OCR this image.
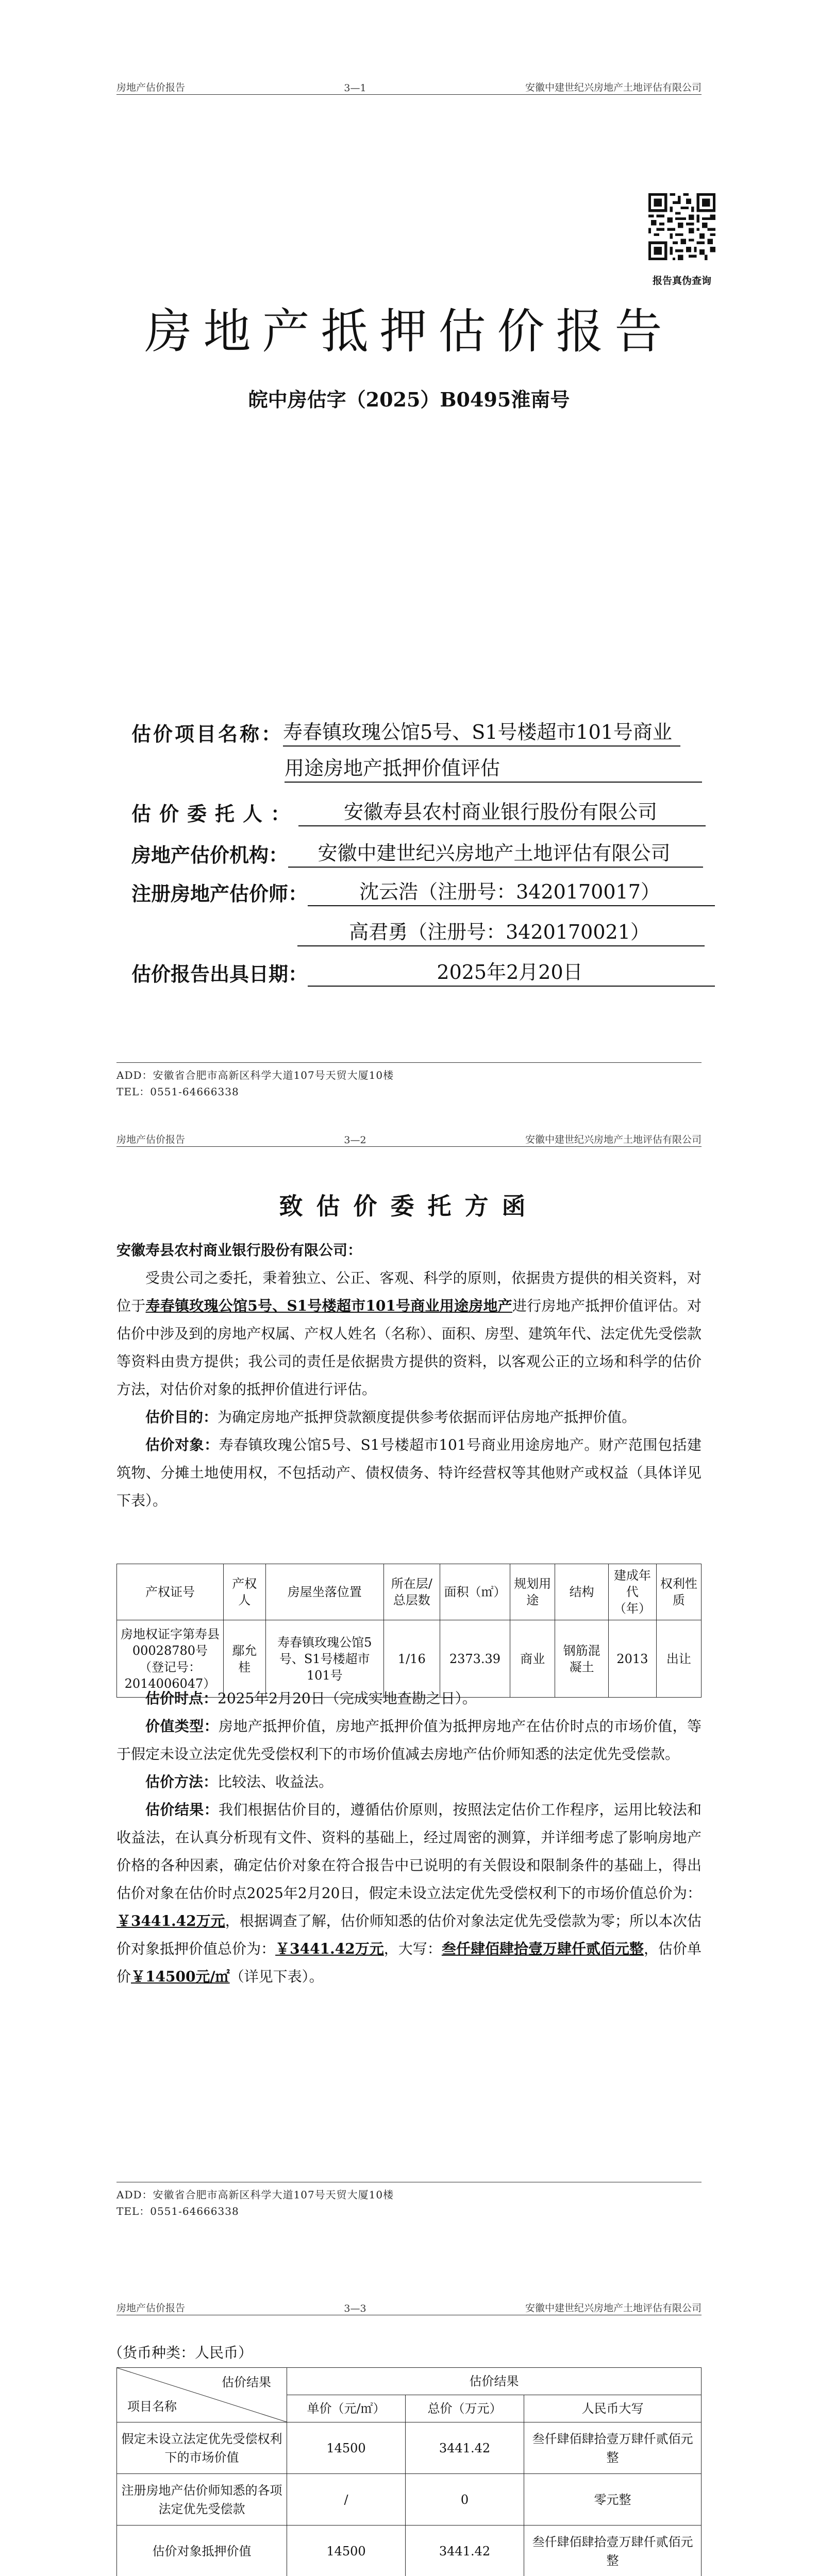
房地产估价报告	3—1	安徽中建世纪兴房地产土地评估有限公司
报告真伪查询
房地产抵押估价报告
皖中房估字（2025）B0495淮南号
估价项目名称： 寿春镇玫瑰公馆5号、S1号楼超市101号商业
用途房地产抵押价值评估
估价委托人：	安徽寿县农村商业银行股份有限公司
房地产估价机构：	安徽中建世纪兴房地产土地评估有限公司
注册房地产估价师：	沈云浩（注册号：3420170017）
高君勇（注册号：3420170021）
估价报告出具日期：	2025年2月20日
ADD：安徽省合肥市高新区科学大道107号天贸大厦10楼
TEL：0551-64666338
房地产估价报告	3—2	安徽中建世纪兴房地产土地评估有限公司
致估价委托方函
安徽寿县农村商业银行股份有限公司：

受贵公司之委托，秉着独立、公正、客观、科学的原则，依据贵方提供的相关资料，对位于寿春镇玫瑰公馆5号、S1号楼超市101号商业用途房地产进行房地产抵押价值评估。对估价中涉及到的房地产权属、产权人姓名（名称）、面积、房型、建筑年代、法定优先受偿款等资料由贵方提供；我公司的责任是依据贵方提供的资料，以客观公正的立场和科学的估价方法，对估价对象的抵押价值进行评估。

估价目的：为确定房地产抵押贷款额度提供参考依据而评估房地产抵押价值。

估价对象：寿春镇玫瑰公馆5号、S1号楼超市101号商业用途房地产。财产范围包括建筑物、分摊土地使用权，不包括动产、债权债务、特许经营权等其他财产或权益（具体详见下表）。

产权证号	产权人	房屋坐落位置	所在层/总层数	面积（㎡）	规划用途	结构	建成年代（年）	权利性质
房地权证字第寿县00028780号（登记号：2014006047）	鄢允桂	寿春镇玫瑰公馆5号、S1号楼超市101号	1/16	2373.39	商业	钢筋混凝土	2013	出让

估价时点：2025年2月20日（完成实地查勘之日）。

价值类型：房地产抵押价值，房地产抵押价值为抵押房地产在估价时点的市场价值，等于假定未设立法定优先受偿权利下的市场价值减去房地产估价师知悉的法定优先受偿款。

估价方法：比较法、收益法。

估价结果：我们根据估价目的，遵循估价原则，按照法定估价工作程序，运用比较法和收益法，在认真分析现有文件、资料的基础上，经过周密的测算，并详细考虑了影响房地产价格的各种因素，确定估价对象在符合报告中已说明的有关假设和限制条件的基础上，得出估价对象在估价时点2025年2月20日，假定未设立法定优先受偿权利下的市场价值总价为：￥3441.42万元，根据调查了解，估价师知悉的估价对象法定优先受偿款为零；所以本次估价对象抵押价值总价为：￥3441.42万元，大写：叁仟肆佰肆拾壹万肆仟贰佰元整，估价单价￥14500元/㎡（详见下表）。

ADD：安徽省合肥市高新区科学大道107号天贸大厦10楼
TEL：0551-64666338
房地产估价报告	3—3	安徽中建世纪兴房地产土地评估有限公司
（货币种类：人民币）
估价结果
项目名称	估价结果		
	单价（元/㎡）	总价（万元）	人民币大写
假定未设立法定优先受偿权利下的市场价值	14500	3441.42	叁仟肆佰肆拾壹万肆仟贰佰元整
注册房地产估价师知悉的各项法定优先受偿款	/	0	零元整
估价对象抵押价值	14500	3441.42	叁仟肆佰肆拾壹万肆仟贰佰元整
